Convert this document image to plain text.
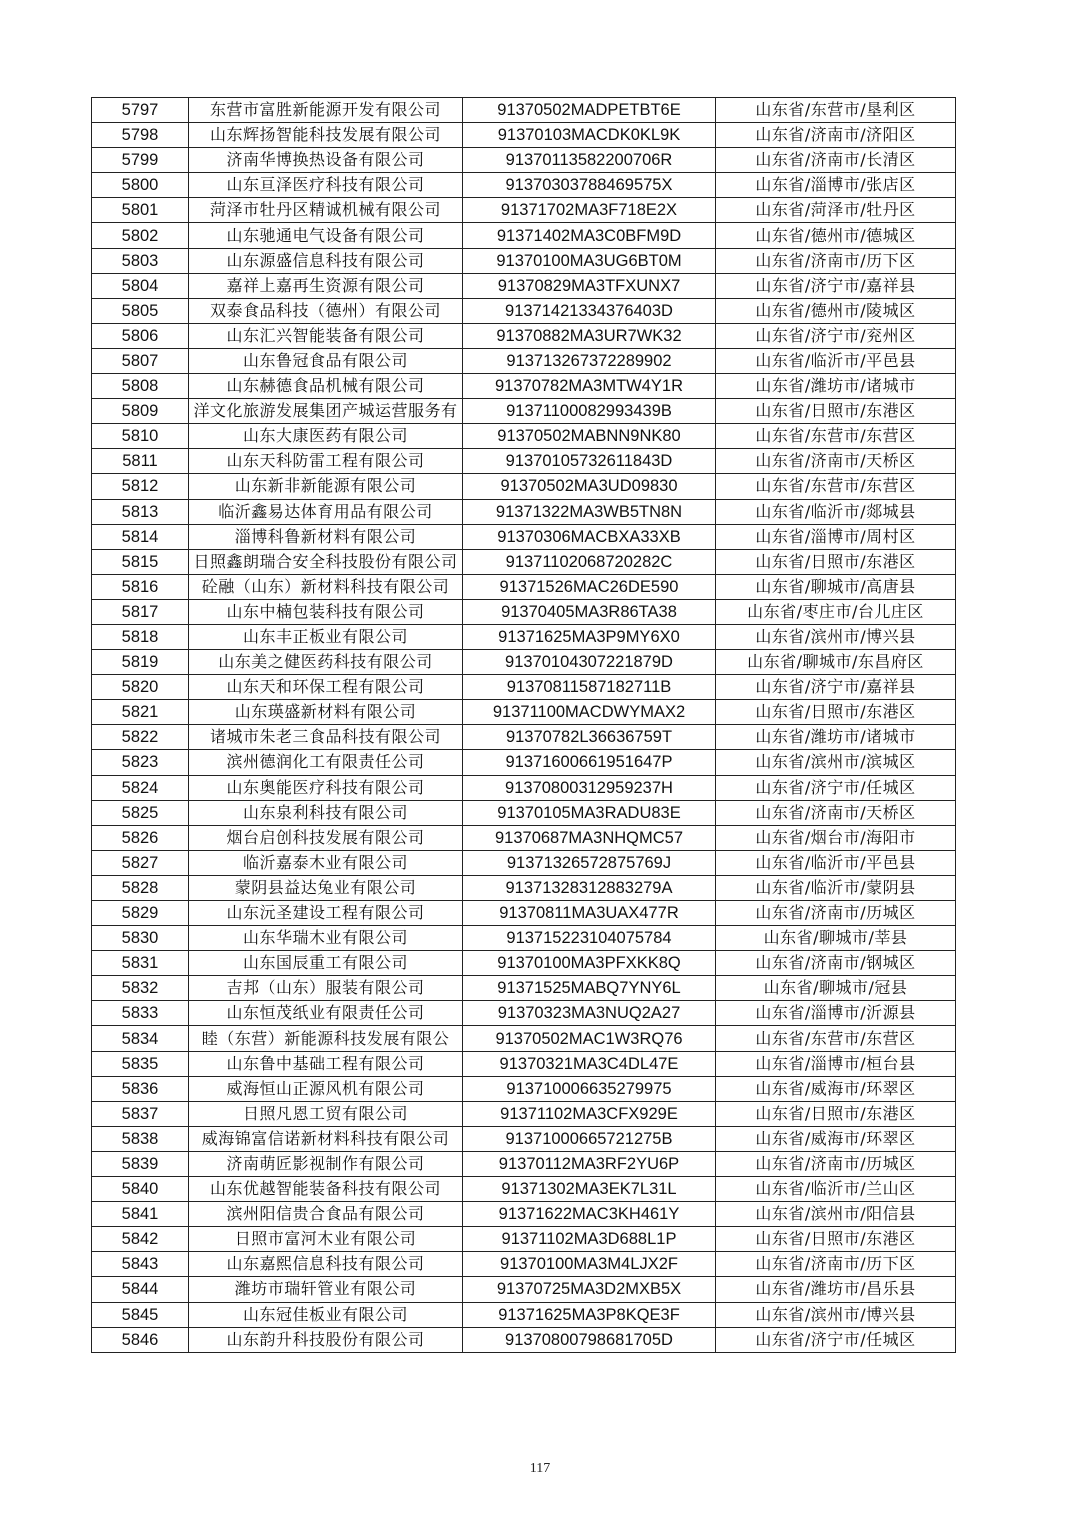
5797	东营市富胜新能源开发有限公司	91370502MADPETBT6E	山东省/东营市/垦利区
5798	山东辉扬智能科技发展有限公司	91370103MACDK0KL9K	山东省/济南市/济阳区
5799	济南华博换热设备有限公司	91370113582200706R	山东省/济南市/长清区
5800	山东亘泽医疗科技有限公司	91370303788469575X	山东省/淄博市/张店区
5801	菏泽市牡丹区精诚机械有限公司	91371702MA3F718E2X	山东省/菏泽市/牡丹区
5802	山东驰通电气设备有限公司	91371402MA3C0BFM9D	山东省/德州市/德城区
5803	山东源盛信息科技有限公司	91370100MA3UG6BT0M	山东省/济南市/历下区
5804	嘉祥上嘉再生资源有限公司	91370829MA3TFXUNX7	山东省/济宁市/嘉祥县
5805	双泰食品科技（德州）有限公司	91371421334376403D	山东省/德州市/陵城区
5806	山东汇兴智能装备有限公司	91370882MA3UR7WK32	山东省/济宁市/兖州区
5807	山东鲁冠食品有限公司	913713267372289902	山东省/临沂市/平邑县
5808	山东赫德食品机械有限公司	91370782MA3MTW4Y1R	山东省/潍坊市/诸城市
5809	洋文化旅游发展集团产城运营服务有	91371100082993439B	山东省/日照市/东港区
5810	山东大康医药有限公司	91370502MABNN9NK80	山东省/东营市/东营区
5811	山东天科防雷工程有限公司	91370105732611843D	山东省/济南市/天桥区
5812	山东新非新能源有限公司	91370502MA3UD09830	山东省/东营市/东营区
5813	临沂鑫易达体育用品有限公司	91371322MA3WB5TN8N	山东省/临沂市/郯城县
5814	淄博科鲁新材料有限公司	91370306MACBXA33XB	山东省/淄博市/周村区
5815	日照鑫朗瑞合安全科技股份有限公司	91371102068720282C	山东省/日照市/东港区
5816	砼融（山东）新材料科技有限公司	91371526MAC26DE590	山东省/聊城市/高唐县
5817	山东中楠包装科技有限公司	91370405MA3R86TA38	山东省/枣庄市/台儿庄区
5818	山东丰正板业有限公司	91371625MA3P9MY6X0	山东省/滨州市/博兴县
5819	山东美之健医药科技有限公司	91370104307221879D	山东省/聊城市/东昌府区
5820	山东天和环保工程有限公司	91370811587182711B	山东省/济宁市/嘉祥县
5821	山东瑛盛新材料有限公司	91371100MACDWYMAX2	山东省/日照市/东港区
5822	诸城市朱老三食品科技有限公司	91370782L36636759T	山东省/潍坊市/诸城市
5823	滨州德润化工有限责任公司	91371600661951647P	山东省/滨州市/滨城区
5824	山东奥能医疗科技有限公司	91370800312959237H	山东省/济宁市/任城区
5825	山东泉利科技有限公司	91370105MA3RADU83E	山东省/济南市/天桥区
5826	烟台启创科技发展有限公司	91370687MA3NHQMC57	山东省/烟台市/海阳市
5827	临沂嘉泰木业有限公司	91371326572875769J	山东省/临沂市/平邑县
5828	蒙阴县益达兔业有限公司	91371328312883279A	山东省/临沂市/蒙阴县
5829	山东沅圣建设工程有限公司	91370811MA3UAX477R	山东省/济南市/历城区
5830	山东华瑞木业有限公司	913715223104075784	山东省/聊城市/莘县
5831	山东国辰重工有限公司	91370100MA3PFXKK8Q	山东省/济南市/钢城区
5832	吉邦（山东）服装有限公司	91371525MABQ7YNY6L	山东省/聊城市/冠县
5833	山东恒茂纸业有限责任公司	91370323MA3NUQ2A27	山东省/淄博市/沂源县
5834	睦（东营）新能源科技发展有限公	91370502MAC1W3RQ76	山东省/东营市/东营区
5835	山东鲁中基础工程有限公司	91370321MA3C4DL47E	山东省/淄博市/桓台县
5836	威海恒山正源风机有限公司	913710006635279975	山东省/威海市/环翠区
5837	日照凡恩工贸有限公司	91371102MA3CFX929E	山东省/日照市/东港区
5838	威海锦富信诺新材料科技有限公司	91371000665721275B	山东省/威海市/环翠区
5839	济南萌匠影视制作有限公司	91370112MA3RF2YU6P	山东省/济南市/历城区
5840	山东优越智能装备科技有限公司	91371302MA3EK7L31L	山东省/临沂市/兰山区
5841	滨州阳信贵合食品有限公司	91371622MAC3KH461Y	山东省/滨州市/阳信县
5842	日照市富河木业有限公司	91371102MA3D688L1P	山东省/日照市/东港区
5843	山东嘉熙信息科技有限公司	91370100MA3M4LJX2F	山东省/济南市/历下区
5844	潍坊市瑞轩管业有限公司	91370725MA3D2MXB5X	山东省/潍坊市/昌乐县
5845	山东冠佳板业有限公司	91371625MA3P8KQE3F	山东省/滨州市/博兴县
5846	山东韵升科技股份有限公司	91370800798681705D	山东省/济宁市/任城区
117
